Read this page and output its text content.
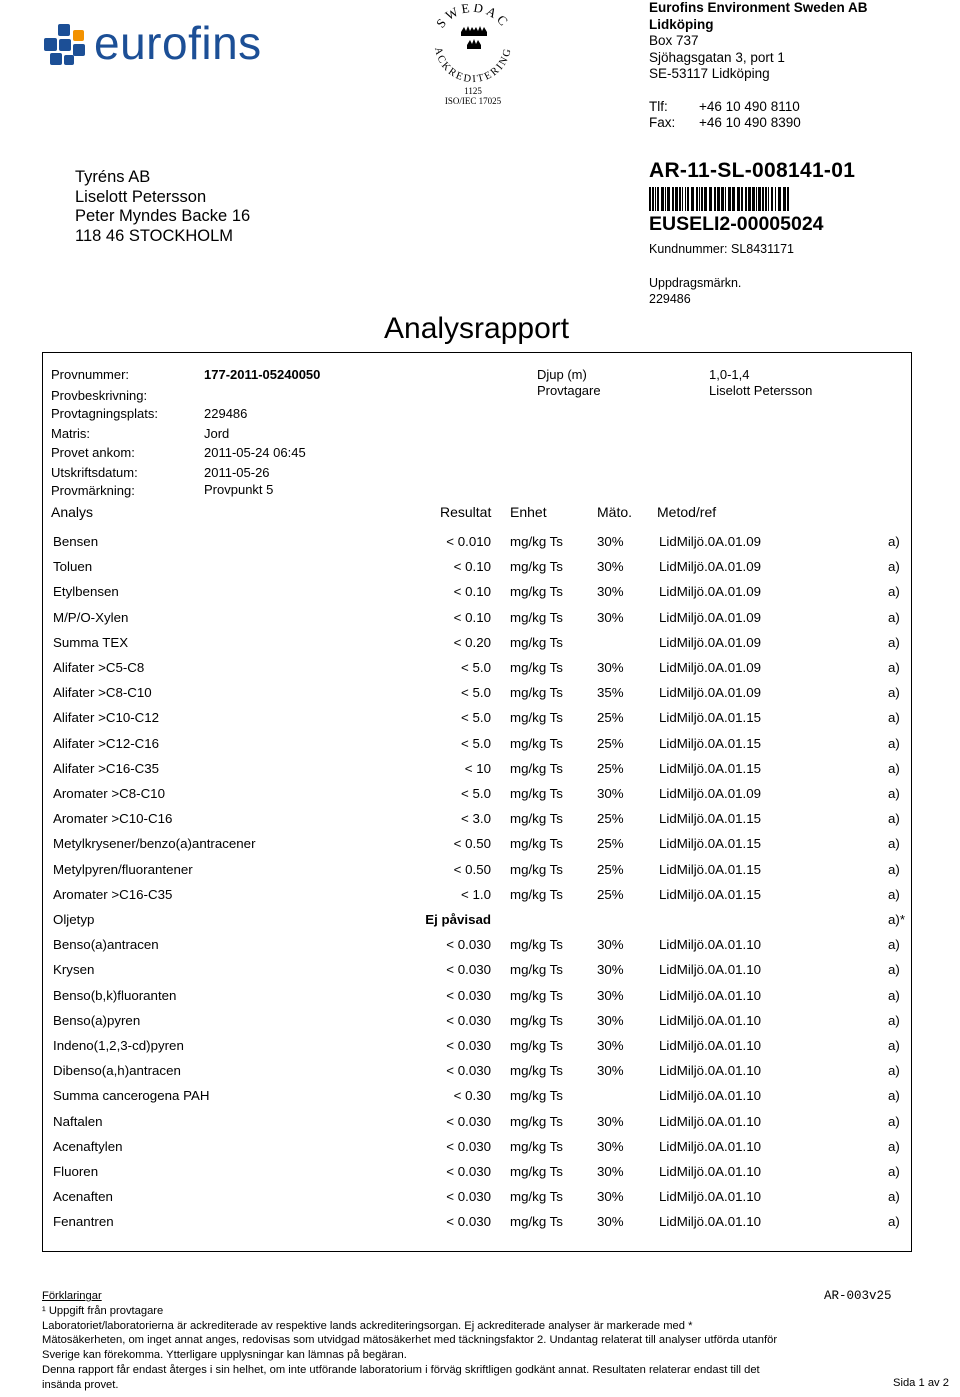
eurofins	SWEDAC
ACKREDITERING
1125
ISO/IEC 17025
Eurofins Environment Sweden AB
Lidköping
Box 737
Sjöhagsgatan 3, port 1
SE-53117 Lidköping
Tlf:	+46 10 490 8110
Fax:	+46 10 490 8390
Tyréns AB
Liselott Petersson
Peter Myndes Backe 16
118 46 STOCKHOLM
AR-11-SL-008141-01
EUSELI2-00005024
Kundnummer: SL8431171
Uppdragsmärkn.
229486
Analysrapport
Provnummer:	177-2011-05240050
Provbeskrivning:
Provtagningsplats:	229486
Matris:	Jord
Provet ankom:	2011-05-24 06:45
Utskriftsdatum:	2011-05-26
Provmärkning:	Provpunkt 5
Djup (m)	1,0-1,4
Provtagare	Liselott Petersson
Analys	Resultat Enhet	Mäto. Metod/ref
Bensen	< 0.010 mg/kg Ts	30%	LidMiljö.0A.01.09	a)
Toluen	< 0.10 mg/kg Ts	30%	LidMiljö.0A.01.09	a)
Etylbensen	< 0.10 mg/kg Ts	30%	LidMiljö.0A.01.09	a)
M/P/O-Xylen	< 0.10 mg/kg Ts	30%	LidMiljö.0A.01.09	a)
Summa TEX	< 0.20 mg/kg Ts	LidMiljö.0A.01.09	a)
Alifater >C5-C8	< 5.0 mg/kg Ts	30%	LidMiljö.0A.01.09	a)
Alifater >C8-C10	< 5.0 mg/kg Ts	35%	LidMiljö.0A.01.09	a)
Alifater >C10-C12	< 5.0 mg/kg Ts	25%	LidMiljö.0A.01.15	a)
Alifater >C12-C16	< 5.0 mg/kg Ts	25%	LidMiljö.0A.01.15	a)
Alifater >C16-C35	< 10 mg/kg Ts	25%	LidMiljö.0A.01.15	a)
Aromater >C8-C10	< 5.0 mg/kg Ts	30%	LidMiljö.0A.01.09	a)
Aromater >C10-C16	< 3.0 mg/kg Ts	25%	LidMiljö.0A.01.15	a)
Metylkrysener/benzo(a)antracener	< 0.50 mg/kg Ts	25%	LidMiljö.0A.01.15	a)
Metylpyren/fluorantener	< 0.50 mg/kg Ts	25%	LidMiljö.0A.01.15	a)
Aromater >C16-C35	< 1.0 mg/kg Ts	25%	LidMiljö.0A.01.15	a)
Oljetyp	Ej påvisad	a)*
Benso(a)antracen	< 0.030 mg/kg Ts	30%	LidMiljö.0A.01.10	a)
Krysen	< 0.030 mg/kg Ts	30%	LidMiljö.0A.01.10	a)
Benso(b,k)fluoranten	< 0.030 mg/kg Ts	30%	LidMiljö.0A.01.10	a)
Benso(a)pyren	< 0.030 mg/kg Ts	30%	LidMiljö.0A.01.10	a)
Indeno(1,2,3-cd)pyren	< 0.030 mg/kg Ts	30%	LidMiljö.0A.01.10	a)
Dibenso(a,h)antracen	< 0.030 mg/kg Ts	30%	LidMiljö.0A.01.10	a)
Summa cancerogena PAH	< 0.30 mg/kg Ts	LidMiljö.0A.01.10	a)
Naftalen	< 0.030 mg/kg Ts	30%	LidMiljö.0A.01.10	a)
Acenaftylen	< 0.030 mg/kg Ts	30%	LidMiljö.0A.01.10	a)
Fluoren	< 0.030 mg/kg Ts	30%	LidMiljö.0A.01.10	a)
Acenaften	< 0.030 mg/kg Ts	30%	LidMiljö.0A.01.10	a)
Fenantren	< 0.030 mg/kg Ts	30%	LidMiljö.0A.01.10	a)
Förklaringar
¹ Uppgift från provtagare
Laboratoriet/laboratorierna är ackrediterade av respektive lands ackrediteringsorgan. Ej ackrediterade analyser är markerade med *
Mätosäkerheten, om inget annat anges, redovisas som utvidgad mätosäkerhet med täckningsfaktor 2. Undantag relaterat till analyser utförda utanför
Sverige kan förekomma. Ytterligare upplysningar kan lämnas på begäran.
Denna rapport får endast återges i sin helhet, om inte utförande laboratorium i förväg skriftligen godkänt annat. Resultaten relaterar endast till det
insända provet.
AR-003v25
Sida 1 av 2
